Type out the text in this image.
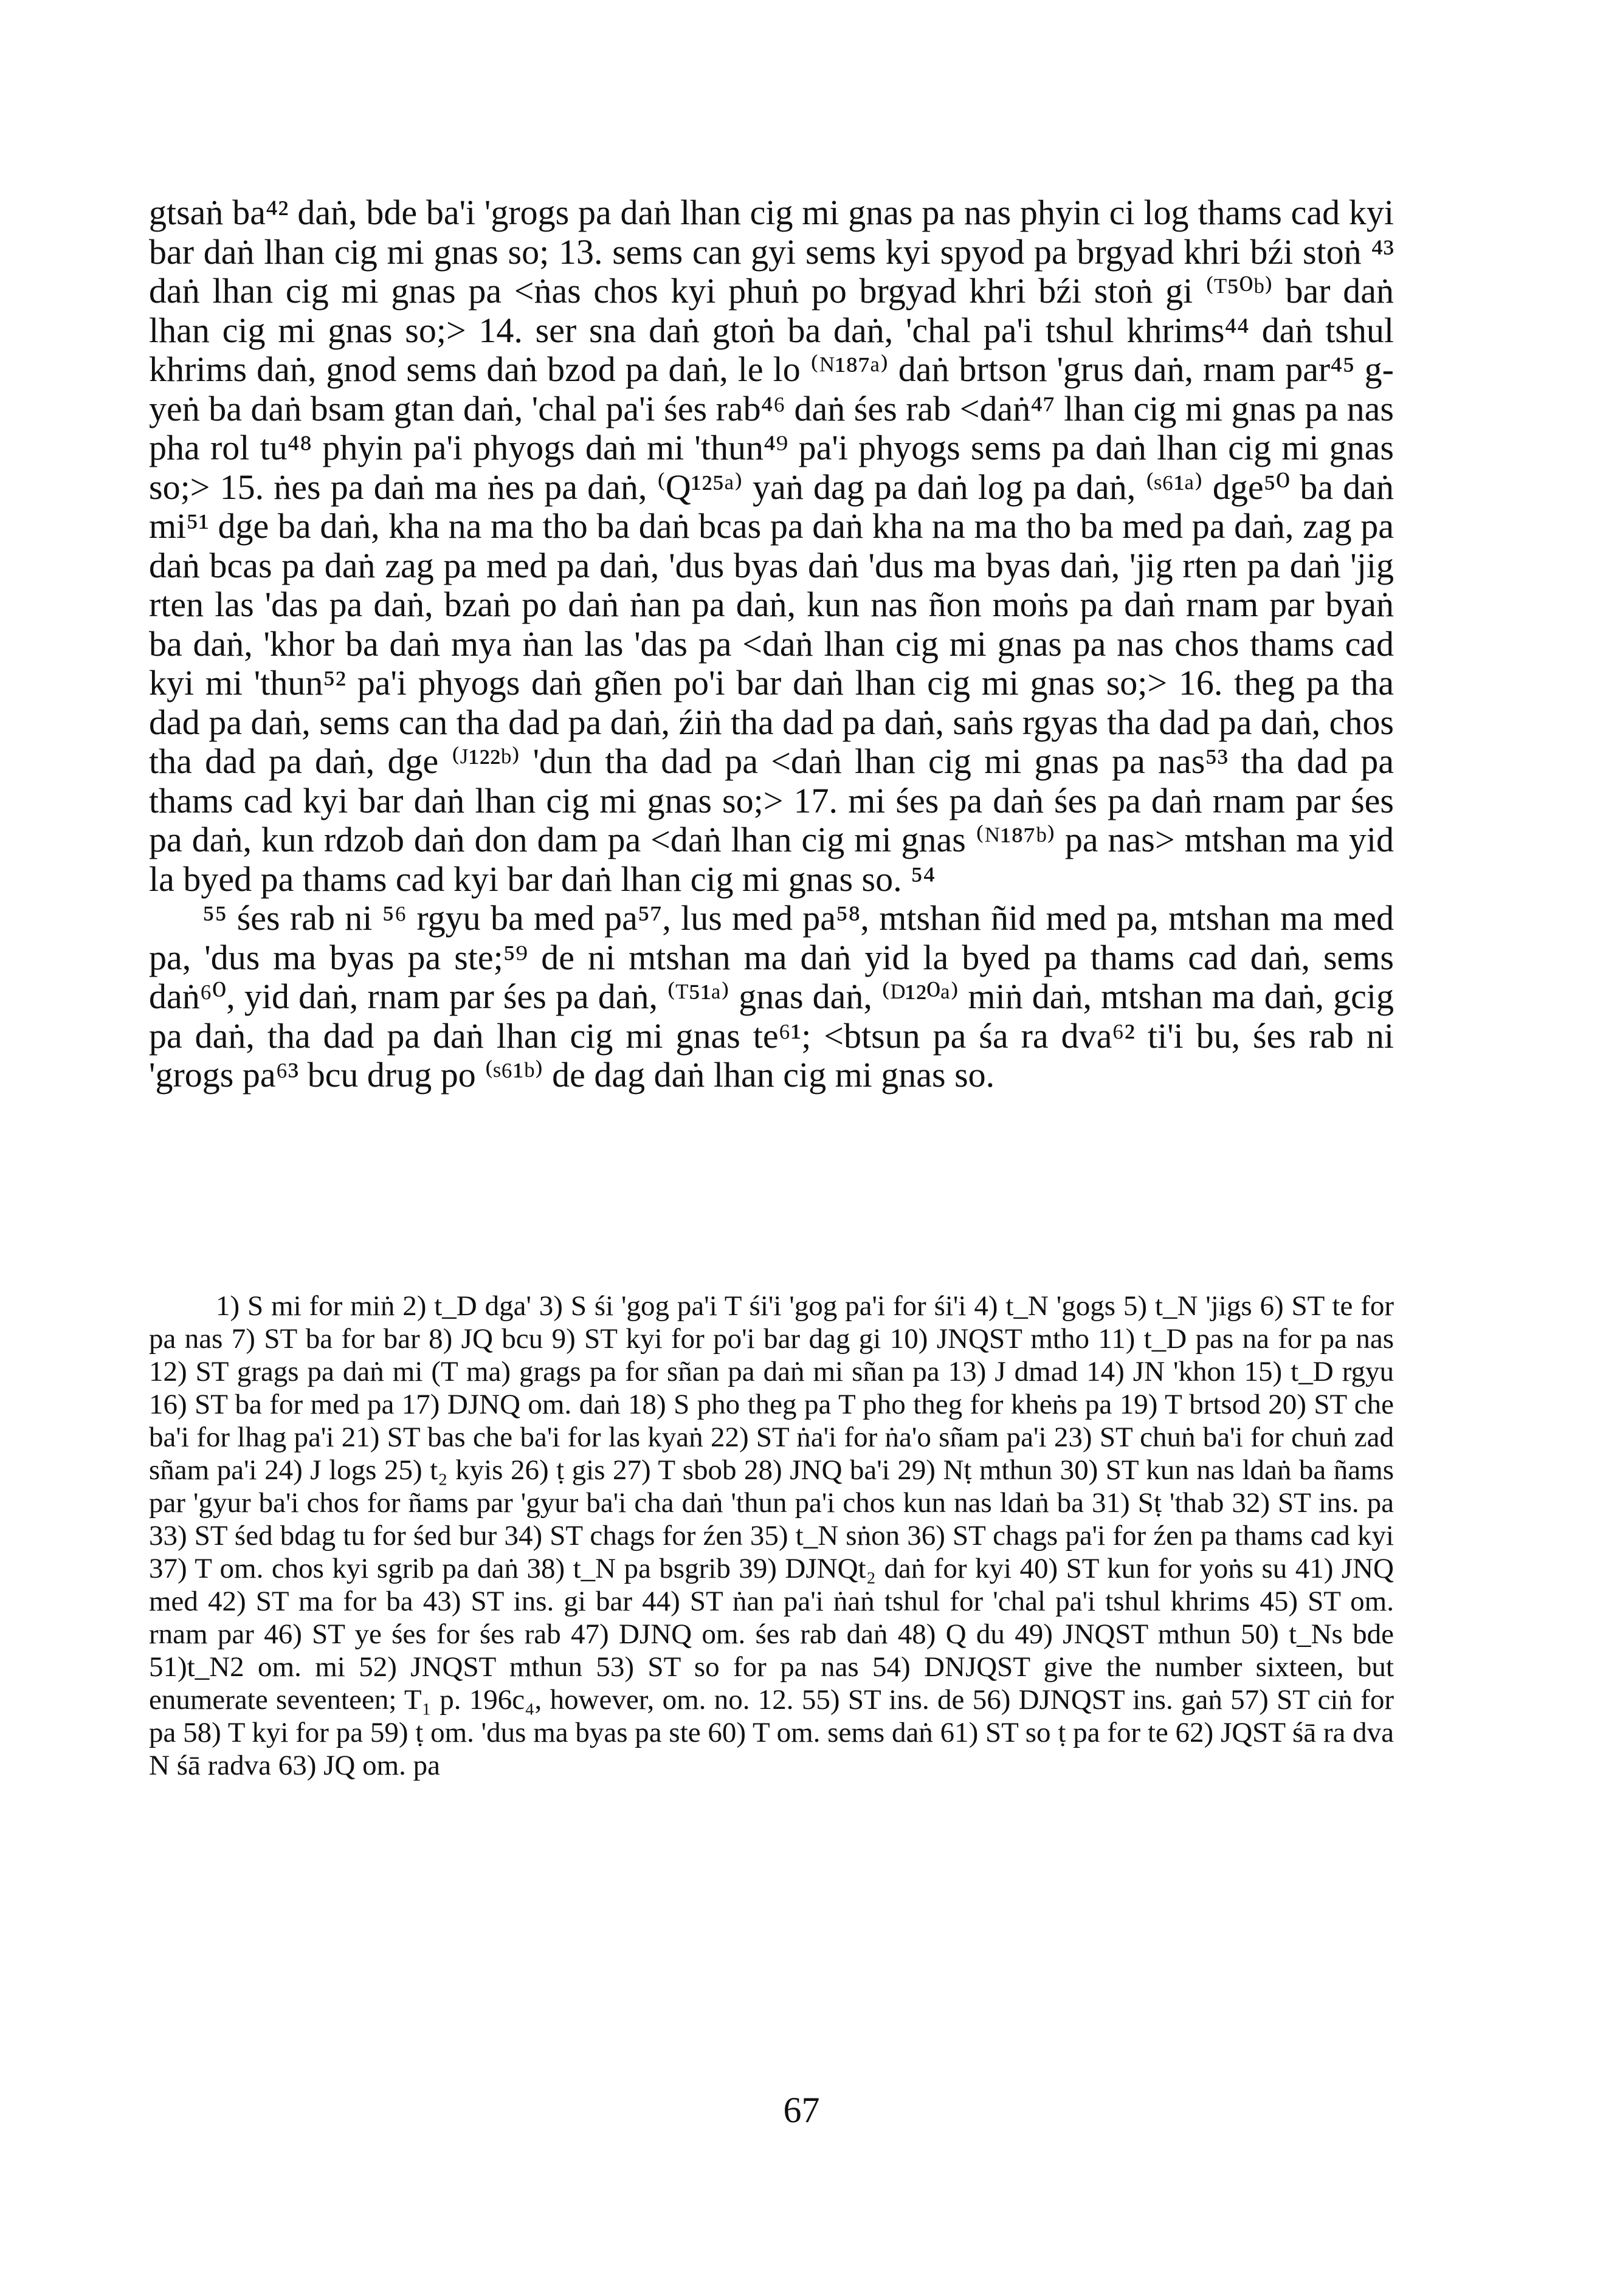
gtsaṅ ba⁴² daṅ, bde ba'i 'grogs pa daṅ lhan cig mi gnas pa nas phyin ci log thams cad kyi bar daṅ lhan cig mi gnas so; 13. sems can gyi sems kyi spyod pa brgyad khri bźi stoṅ ⁴³ daṅ lhan cig mi gnas pa <ṅas chos kyi phuṅ po brgyad khri bźi stoṅ gi ⁽ᵀ⁵⁰ᵇ⁾ bar daṅ lhan cig mi gnas so;> 14. ser sna daṅ gtoṅ ba daṅ, 'chal pa'i tshul khrims⁴⁴ daṅ tshul khrims daṅ, gnod sems daṅ bzod pa daṅ, le lo ⁽ᴺ¹⁸⁷ᵃ⁾ daṅ brtson 'grus daṅ, rnam par⁴⁵ g-yeṅ ba daṅ bsam gtan daṅ, 'chal pa'i śes rab⁴⁶ daṅ śes rab <daṅ⁴⁷ lhan cig mi gnas pa nas pha rol tu⁴⁸ phyin pa'i phyogs daṅ mi 'thun⁴⁹ pa'i phyogs sems pa daṅ lhan cig mi gnas so;> 15. ṅes pa daṅ ma ṅes pa daṅ, ⁽Q¹²⁵ᵃ⁾ yaṅ dag pa daṅ log pa daṅ, ⁽ˢ⁶¹ᵃ⁾ dge⁵⁰ ba daṅ mi⁵¹ dge ba daṅ, kha na ma tho ba daṅ bcas pa daṅ kha na ma tho ba med pa daṅ, zag pa daṅ bcas pa daṅ zag pa med pa daṅ, 'dus byas daṅ 'dus ma byas daṅ, 'jig rten pa daṅ 'jig rten las 'das pa daṅ, bzaṅ po daṅ ṅan pa daṅ, kun nas ñon moṅs pa daṅ rnam par byaṅ ba daṅ, 'khor ba daṅ mya ṅan las 'das pa <daṅ lhan cig mi gnas pa nas chos thams cad kyi mi 'thun⁵² pa'i phyogs daṅ gñen po'i bar daṅ lhan cig mi gnas so;> 16. theg pa tha dad pa daṅ, sems can tha dad pa daṅ, źiṅ tha dad pa daṅ, saṅs rgyas tha dad pa daṅ, chos tha dad pa daṅ, dge ⁽ᴶ¹²²ᵇ⁾ 'dun tha dad pa <daṅ lhan cig mi gnas pa nas⁵³ tha dad pa thams cad kyi bar daṅ lhan cig mi gnas so;> 17. mi śes pa daṅ śes pa daṅ rnam par śes pa daṅ, kun rdzob daṅ don dam pa <daṅ lhan cig mi gnas ⁽ᴺ¹⁸⁷ᵇ⁾ pa nas> mtshan ma yid la byed pa thams cad kyi bar daṅ lhan cig mi gnas so. ⁵⁴

⁵⁵ śes rab ni ⁵⁶ rgyu ba med pa⁵⁷, lus med pa⁵⁸, mtshan ñid med pa, mtshan ma med pa, 'dus ma byas pa ste;⁵⁹ de ni mtshan ma daṅ yid la byed pa thams cad daṅ, sems daṅ⁶⁰, yid daṅ, rnam par śes pa daṅ, ⁽ᵀ⁵¹ᵃ⁾ gnas daṅ, ⁽ᴰ¹²⁰ᵃ⁾ miṅ daṅ, mtshan ma daṅ, gcig pa daṅ, tha dad pa daṅ lhan cig mi gnas te⁶¹; <btsun pa śa ra dva⁶² ti'i bu, śes rab ni 'grogs pa⁶³ bcu drug po ⁽ˢ⁶¹ᵇ⁾ de dag daṅ lhan cig mi gnas so.

1) S mi for miṅ 2) t_D dga' 3) S śi 'gog pa'i T śi'i 'gog pa'i for śi'i 4) t_N 'gogs 5) t_N 'jigs 6) ST te for pa nas 7) ST ba for bar 8) JQ bcu 9) ST kyi for po'i bar dag gi 10) JNQST mtho 11) t_D pas na for pa nas 12) ST grags pa daṅ mi (T ma) grags pa for sñan pa daṅ mi sñan pa 13) J dmad 14) JN 'khon 15) t_D rgyu 16) ST ba for med pa 17) DJNQ om. daṅ 18) S pho theg pa T pho theg for kheṅs pa 19) T brtsod 20) ST che ba'i for lhag pa'i 21) ST bas che ba'i for las kyaṅ 22) ST ṅa'i for ṅa'o sñam pa'i 23) ST chuṅ ba'i for chuṅ zad sñam pa'i 24) J logs 25) t₂ kyis 26) ṭ gis 27) T sbob 28) JNQ ba'i 29) Nṭ mthun 30) ST kun nas ldaṅ ba ñams par 'gyur ba'i chos for ñams par 'gyur ba'i cha daṅ 'thun pa'i chos kun nas ldaṅ ba 31) Sṭ 'thab 32) ST ins. pa 33) ST śed bdag tu for śed bur 34) ST chags for źen 35) t_N sṅon 36) ST chags pa'i for źen pa thams cad kyi 37) T om. chos kyi sgrib pa daṅ 38) t_N pa bsgrib 39) DJNQt₂ daṅ for kyi 40) ST kun for yoṅs su 41) JNQ med 42) ST ma for ba 43) ST ins. gi bar 44) ST ṅan pa'i ṅaṅ tshul for 'chal pa'i tshul khrims 45) ST om. rnam par 46) ST ye śes for śes rab 47) DJNQ om. śes rab daṅ 48) Q du 49) JNQST mthun 50) t_Ns bde 51)t_N2 om. mi 52) JNQST mthun 53) ST so for pa nas 54) DNJQST give the number sixteen, but enumerate seventeen; T₁ p. 196c₄, however, om. no. 12. 55) ST ins. de 56) DJNQST ins. gaṅ 57) ST ciṅ for pa 58) T kyi for pa 59) ṭ om. 'dus ma byas pa ste 60) T om. sems daṅ 61) ST so ṭ pa for te 62) JQST śā ra dva N śā radva 63) JQ om. pa

67
